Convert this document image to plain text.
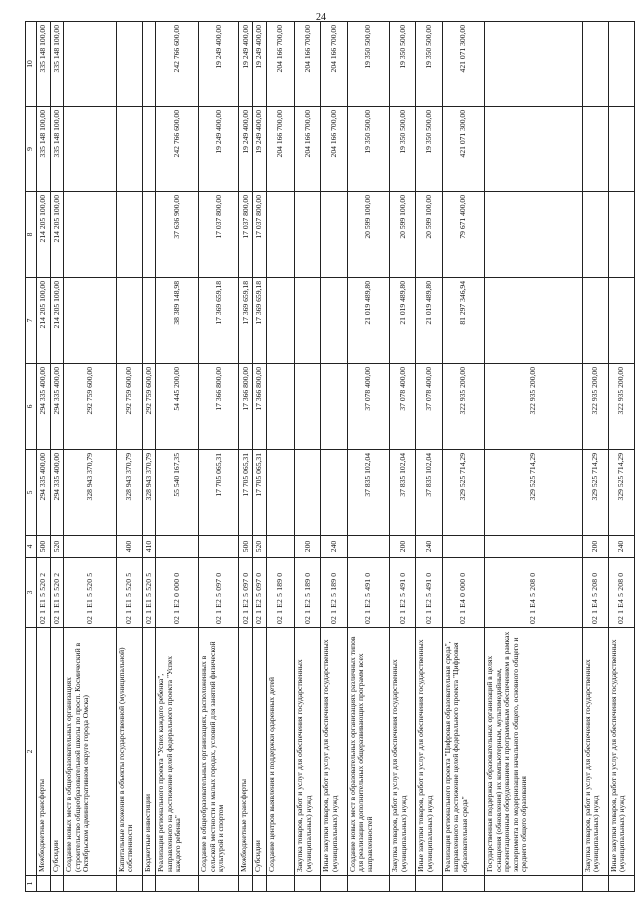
24
1	2	3	4	5	6	7	8	9	10
	Межбюджетные трансферты	02 1 E1 5 520 2	500	294 335 400,00	294 335 400,00	214 205 100,00	214 205 100,00	335 148 100,00	335 148 100,00
	Субсидии	02 1 E1 5 520 2	520	294 335 400,00	294 335 400,00	214 205 100,00	214 205 100,00	335 148 100,00	335 148 100,00
	Создание новых мест в общеобразовательных организациях (строительство общеобразовательной школы по просп. Космический в Октябрьском административном округе города Омска)	02 1 E1 5 520 5		328 943 370,79	292 759 600,00				
	Капитальные вложения в объекты государственной (муниципальной) собственности	02 1 E1 5 520 5	400	328 943 370,79	292 759 600,00				
	Бюджетные инвестиции	02 1 E1 5 520 5	410	328 943 370,79	292 759 600,00				
	Реализация регионального проекта "Успех каждого ребенка", направленного на достижение целей федерального проекта "Успех каждого ребенка"	02 1 E2 0 000 0		55 540 167,35	54 445 200,00	38 389 148,98	37 636 900,00	242 766 600,00	242 766 600,00
	Создание в общеобразовательных организациях, расположенных в сельской местности и малых городах, условий для занятий физической культурой и спортом	02 1 E2 5 097 0		17 705 065,31	17 366 800,00	17 369 659,18	17 037 800,00	19 249 400,00	19 249 400,00
	Межбюджетные трансферты	02 1 E2 5 097 0	500	17 705 065,31	17 366 800,00	17 369 659,18	17 037 800,00	19 249 400,00	19 249 400,00
	Субсидии	02 1 E2 5 097 0	520	17 705 065,31	17 366 800,00	17 369 659,18	17 037 800,00	19 249 400,00	19 249 400,00
	Создание центров выявления и поддержки одаренных детей	02 1 E2 5 189 0						204 166 700,00	204 166 700,00
	Закупка товаров, работ и услуг для обеспечения государственных (муниципальных) нужд	02 1 E2 5 189 0	200					204 166 700,00	204 166 700,00
	Иные закупки товаров, работ и услуг для обеспечения государственных (муниципальных) нужд	02 1 E2 5 189 0	240					204 166 700,00	204 166 700,00
	Создание новых мест в образовательных организациях различных типов для реализации дополнительных общеразвивающих программ всех направленностей	02 1 E2 5 491 0		37 835 102,04	37 078 400,00	21 019 489,80	20 599 100,00	19 350 500,00	19 350 500,00
	Закупка товаров, работ и услуг для обеспечения государственных (муниципальных) нужд	02 1 E2 5 491 0	200	37 835 102,04	37 078 400,00	21 019 489,80	20 599 100,00	19 350 500,00	19 350 500,00
	Иные закупки товаров, работ и услуг для обеспечения государственных (муниципальных) нужд	02 1 E2 5 491 0	240	37 835 102,04	37 078 400,00	21 019 489,80	20 599 100,00	19 350 500,00	19 350 500,00
	Реализация регионального проекта "Цифровая образовательная среда", направленного на достижение целей федерального проекта "Цифровая образовательная среда"	02 1 E4 0 000 0		329 525 714,29	322 935 200,00	81 297 346,94	79 671 400,00	421 071 300,00	421 071 300,00
	Государственная поддержка образовательных организаций в целях оснащения (обновления) их компьютерным, мультимедийным, презентационным оборудованием и программным обеспечением в рамках эксперимента по модернизации начального общего, основного общего и среднего общего образования	02 1 E4 5 208 0		329 525 714,29	322 935 200,00				
	Закупка товаров, работ и услуг для обеспечения государственных (муниципальных) нужд	02 1 E4 5 208 0	200	329 525 714,29	322 935 200,00				
	Иные закупки товаров, работ и услуг для обеспечения государственных (муниципальных) нужд	02 1 E4 5 208 0	240	329 525 714,29	322 935 200,00				
